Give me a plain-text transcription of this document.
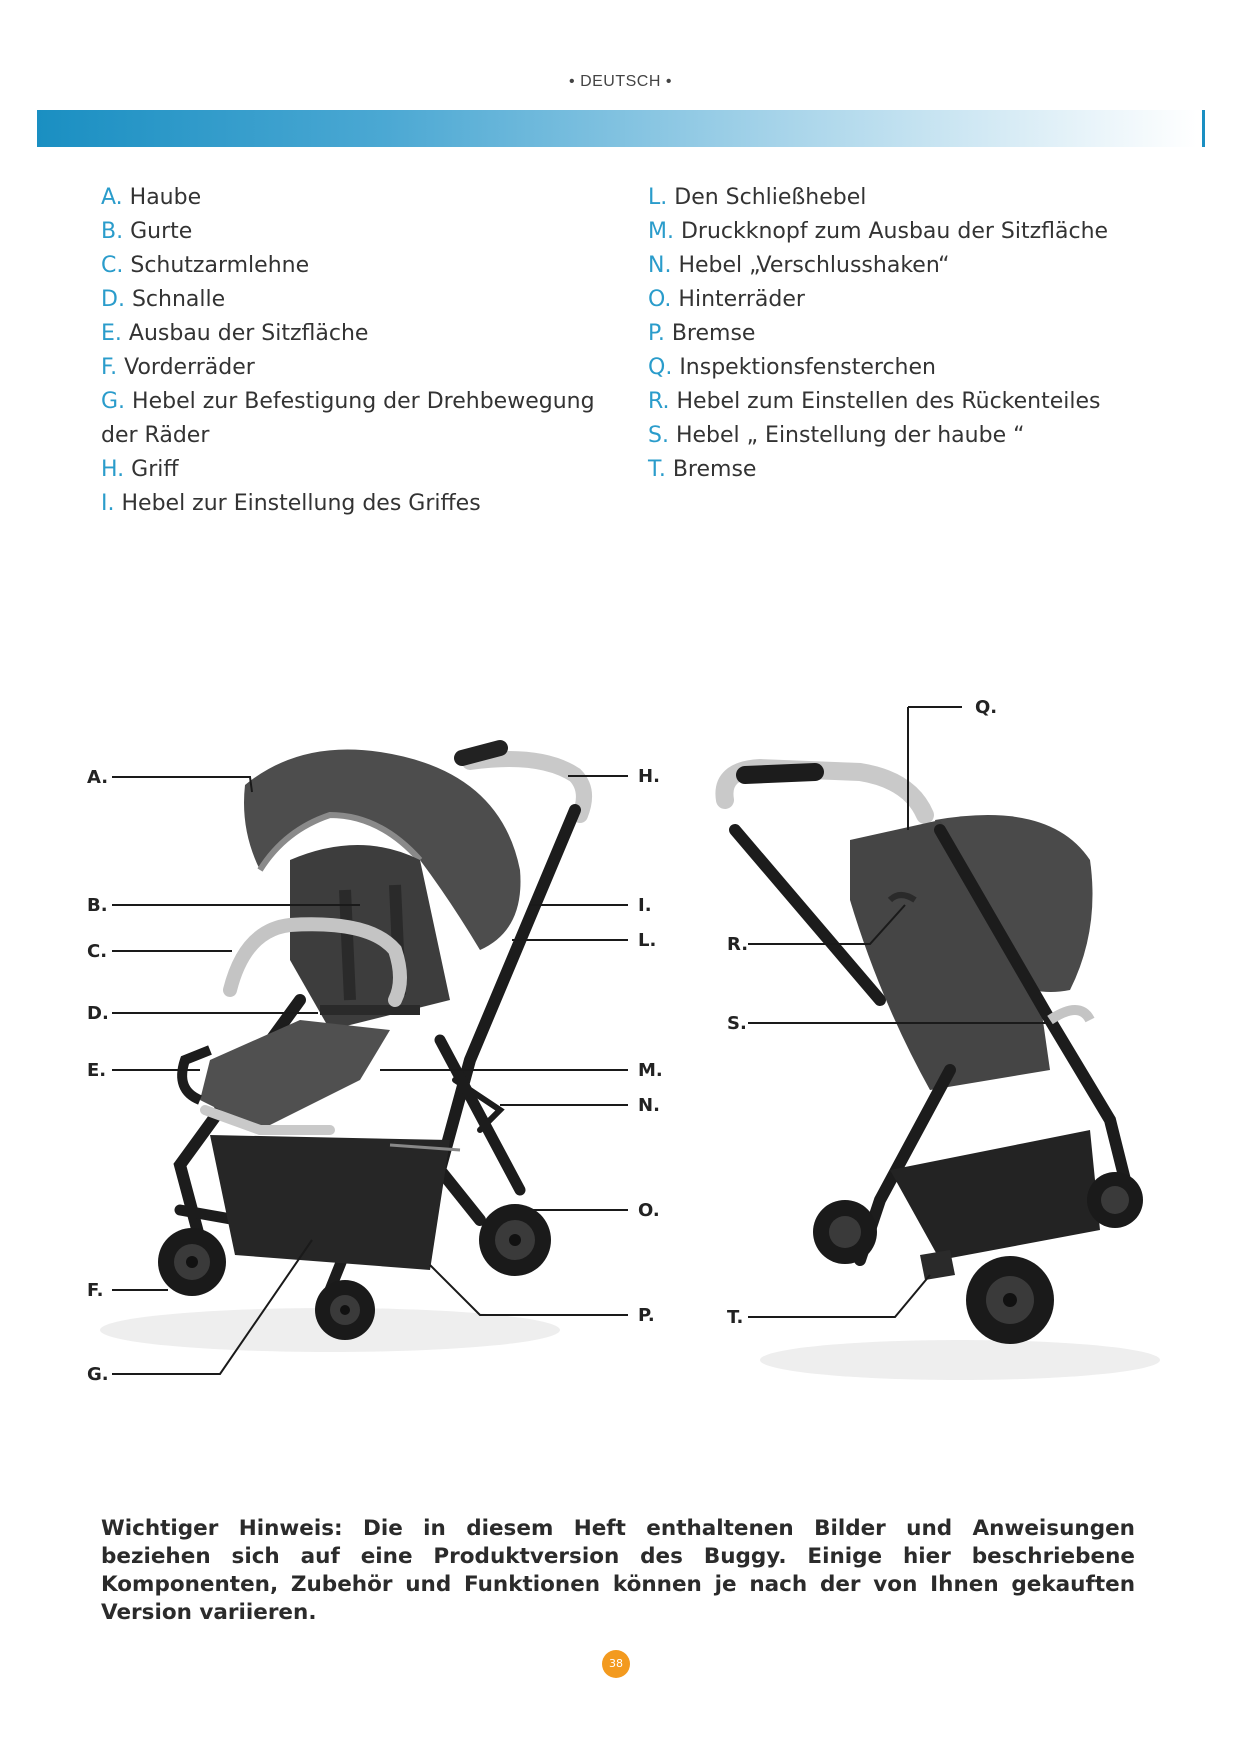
• DEUTSCH •
A. Haube
B. Gurte
C. Schutzarmlehne
D. Schnalle
E. Ausbau der Sitzfläche
F. Vorderräder
G. Hebel zur Befestigung der Drehbewegung der Räder
H. Griff
I. Hebel zur Einstellung des Griffes
L. Den Schließhebel
M. Druckknopf zum Ausbau der Sitzfläche
N. Hebel „Verschlusshaken“
O. Hinterräder
P. Bremse
Q. Inspektionsfensterchen
R. Hebel zum Einstellen des Rückenteiles
S. Hebel „ Einstellung der haube “
T. Bremse
A.
B.
C.
D.
E.
F.
G.
H.
I.
L.
M.
N.
O.
P.
Q.
R.
S.
T.

Wichtiger Hinweis: Die in diesem Heft enthaltenen Bilder und Anweisungen beziehen sich auf eine Produktversion des Buggy. Einige hier beschriebene Komponenten, Zubehör und Funktionen können je nach der von Ihnen gekauften Version variieren.

38
